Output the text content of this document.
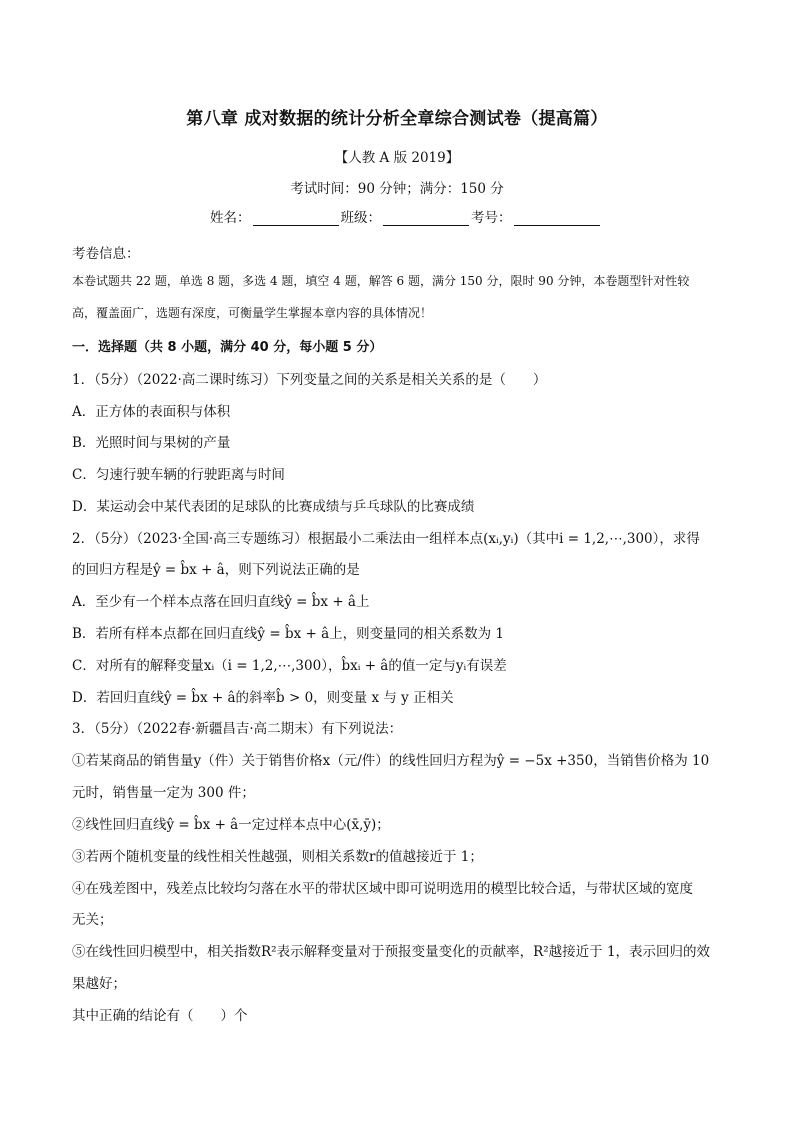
第八章 成对数据的统计分析全章综合测试卷（提高篇）
【人教 A 版 2019】
考试时间：90 分钟；满分：150 分
姓名：	班级：	考号：
考卷信息：
本卷试题共 22 题，单选 8 题，多选 4 题，填空 4 题，解答 6 题，满分 150 分，限时 90 分钟，本卷题型针对性较
高，覆盖面广，选题有深度，可衡量学生掌握本章内容的具体情况！
一．选择题（共 8 小题，满分 40 分，每小题 5 分）
1．（5分）（2022·高二课时练习）下列变量之间的关系是相关关系的是（　　）
A．正方体的表面积与体积
B．光照时间与果树的产量
C．匀速行驶车辆的行驶距离与时间
D．某运动会中某代表团的足球队的比赛成绩与乒乓球队的比赛成绩
2．（5分）（2023·全国·高三专题练习）根据最小二乘法由一组样本点(xᵢ,yᵢ)（其中i = 1,2,⋯,300），求得
的回归方程是ŷ = b̂x + â，则下列说法正确的是
A．至少有一个样本点落在回归直线ŷ = b̂x + â上
B．若所有样本点都在回归直线ŷ = b̂x + â上，则变量同的相关系数为 1
C．对所有的解释变量xᵢ（i = 1,2,⋯,300），b̂xᵢ + â的值一定与yᵢ有误差
D．若回归直线ŷ = b̂x + â的斜率b̂ > 0，则变量 x 与 y 正相关
3．（5分）（2022春·新疆昌吉·高二期末）有下列说法：
①若某商品的销售量y（件）关于销售价格x（元/件）的线性回归方程为ŷ = −5x +350，当销售价格为 10
元时，销售量一定为 300 件；
②线性回归直线ŷ = b̂x + â一定过样本点中心(x̄,ȳ)；
③若两个随机变量的线性相关性越强，则相关系数r的值越接近于 1；
④在残差图中，残差点比较均匀落在水平的带状区域中即可说明选用的模型比较合适，与带状区域的宽度
无关；
⑤在线性回归模型中，相关指数R²表示解释变量对于预报变量变化的贡献率，R²越接近于 1，表示回归的效
果越好；
其中正确的结论有（　　）个
